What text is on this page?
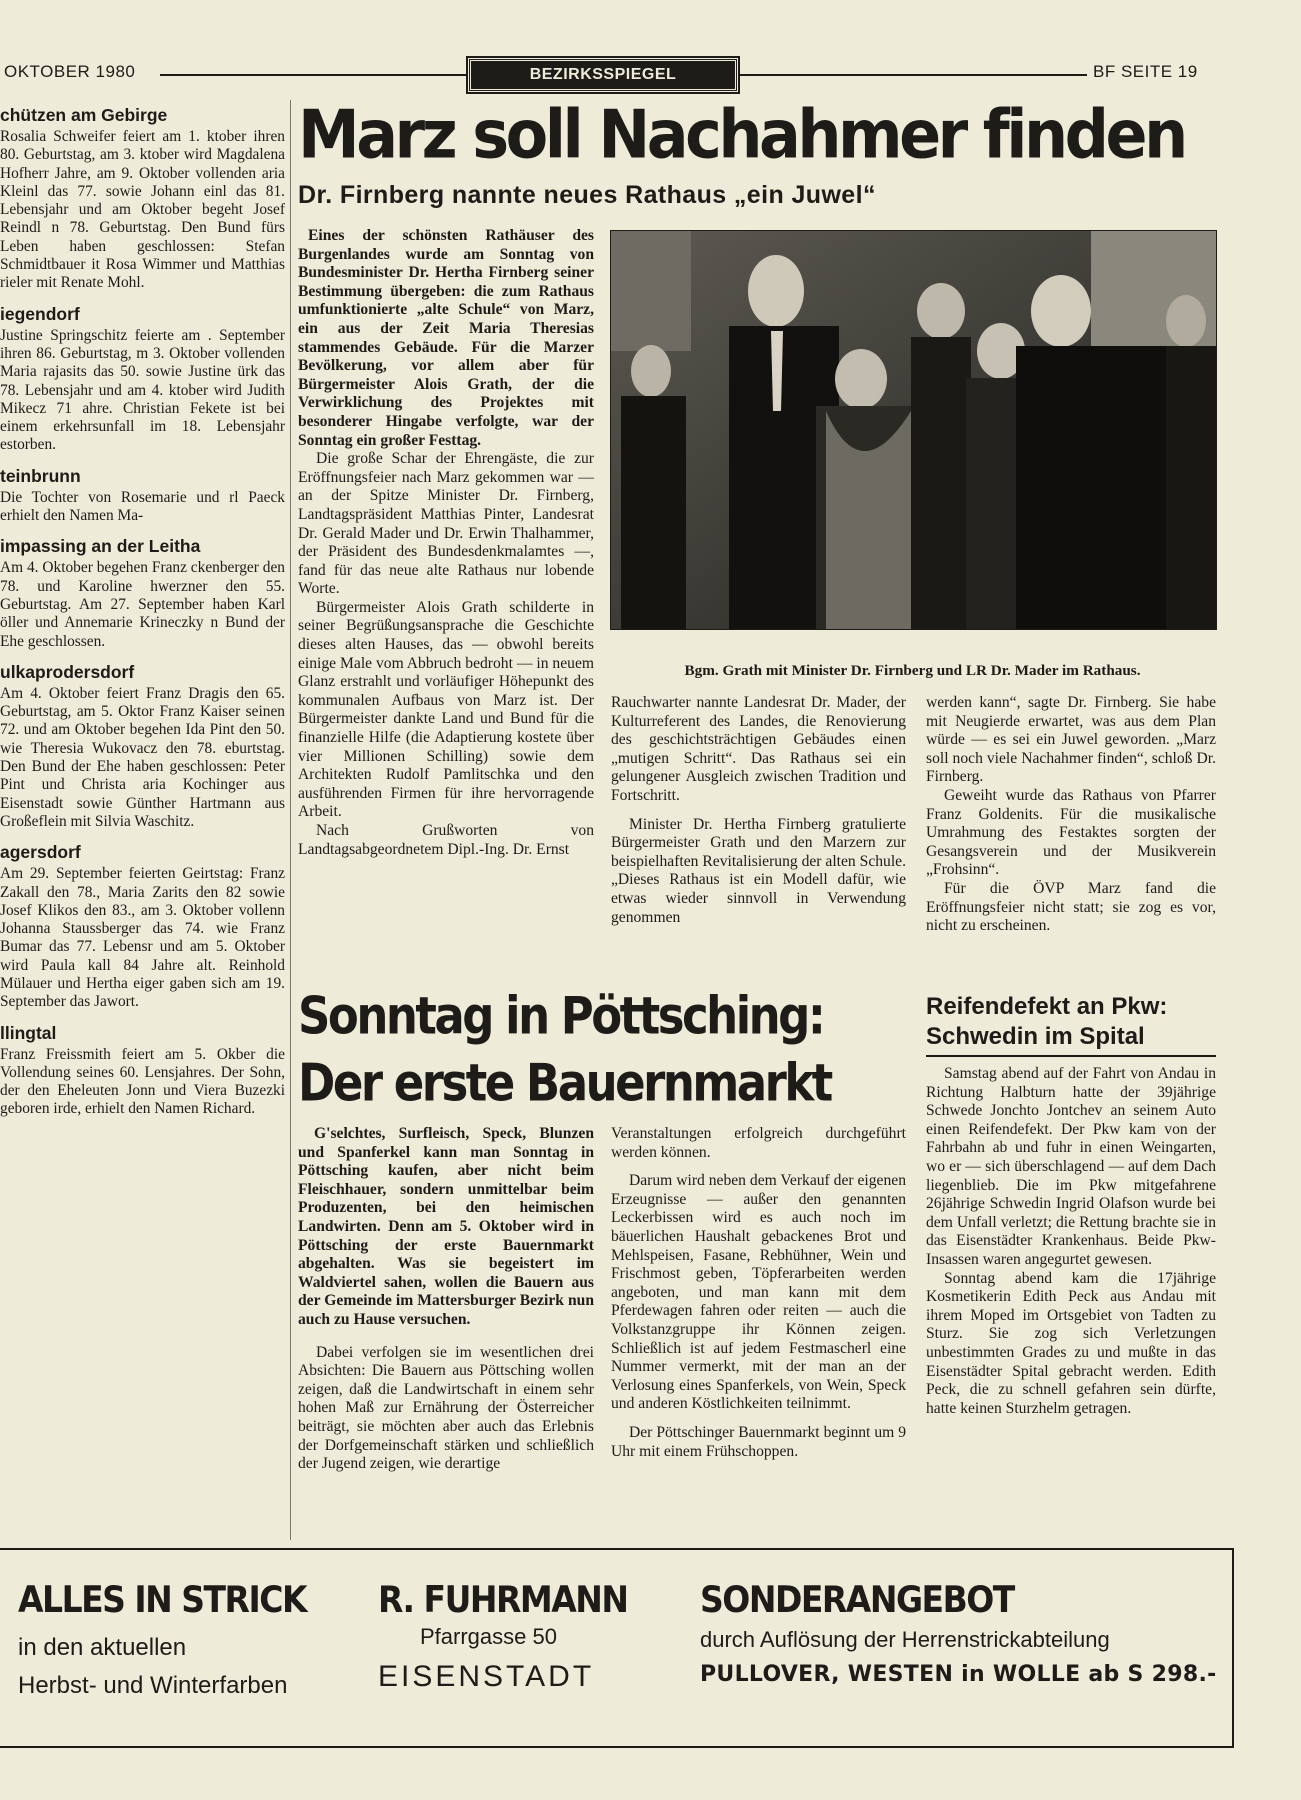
OKTOBER 1980	BEZIRKSSPIEGEL	BF SEITE 19
chützen am Gebirge
Rosalia Schweifer feiert am 1. ktober ihren 80. Geburtstag, am 3. ktober wird Magdalena Hofherr Jahre, am 9. Oktober vollenden aria Kleinl das 77. sowie Johann einl das 81. Lebensjahr und am Oktober begeht Josef Reindl n 78. Geburtstag. Den Bund fürs Leben haben geschlossen: Stefan Schmidtbauer it Rosa Wimmer und Matthias rieler mit Renate Mohl.
iegendorf
Justine Springschitz feierte am . September ihren 86. Geburtstag, m 3. Oktober vollenden Maria rajasits das 50. sowie Justine ürk das 78. Lebensjahr und am 4. ktober wird Judith Mikecz 71 ahre. Christian Fekete ist bei einem erkehrsunfall im 18. Lebensjahr estorben.
teinbrunn
Die Tochter von Rosemarie und rl Paeck erhielt den Namen Ma-
impassing an der Leitha
Am 4. Oktober begehen Franz ckenberger den 78. und Karoline hwerzner den 55. Geburtstag. Am 27. September haben Karl öller und Annemarie Krineczky n Bund der Ehe geschlossen.
ulkaprodersdorf
Am 4. Oktober feiert Franz Dragis den 65. Geburtstag, am 5. Oktor Franz Kaiser seinen 72. und am Oktober begehen Ida Pint den 50. wie Theresia Wukovacz den 78. eburtstag. Den Bund der Ehe haben geschlossen: Peter Pint und Christa aria Kochinger aus Eisenstadt sowie Günther Hartmann aus Großeflein mit Silvia Waschitz.
agersdorf
Am 29. September feierten Geirtstag: Franz Zakall den 78., Maria Zarits den 82 sowie Josef Klikos den 83., am 3. Oktober vollenn Johanna Staussberger das 74. wie Franz Bumar das 77. Lebensr und am 5. Oktober wird Paula kall 84 Jahre alt. Reinhold Mülauer und Hertha eiger gaben sich am 19. September das Jawort.
llingtal
Franz Freissmith feiert am 5. Okber die Vollendung seines 60. Lensjahres. Der Sohn, der den Eheleuten Jonn und Viera Buzezki geboren irde, erhielt den Namen Richard.
Marz soll Nachahmer finden
Dr. Firnberg nannte neues Rathaus „ein Juwel“

Eines der schönsten Rathäuser des Burgenlandes wurde am Sonntag von Bundesminister Dr. Hertha Firnberg seiner Bestimmung übergeben: die zum Rathaus umfunktionierte „alte Schule“ von Marz, ein aus der Zeit Maria Theresias stammendes Gebäude. Für die Marzer Bevölkerung, vor allem aber für Bürgermeister Alois Grath, der die Verwirklichung des Projektes mit besonderer Hingabe verfolgte, war der Sonntag ein großer Festtag.

Die große Schar der Ehrengäste, die zur Eröffnungsfeier nach Marz gekommen war — an der Spitze Minister Dr. Firnberg, Landtagspräsident Matthias Pinter, Landesrat Dr. Gerald Mader und Dr. Erwin Thalhammer, der Präsident des Bundesdenkmalamtes —, fand für das neue alte Rathaus nur lobende Worte.

Bürgermeister Alois Grath schilderte in seiner Begrüßungsansprache die Geschichte dieses alten Hauses, das — obwohl bereits einige Male vom Abbruch bedroht — in neuem Glanz erstrahlt und vorläufiger Höhepunkt des kommunalen Aufbaus von Marz ist. Der Bürgermeister dankte Land und Bund für die finanzielle Hilfe (die Adaptierung kostete über vier Millionen Schilling) sowie dem Architekten Rudolf Pamlitschka und den ausführenden Firmen für ihre hervorragende Arbeit.

Nach Grußworten von Landtagsabgeordnetem Dipl.-Ing. Dr. Ernst

Bgm. Grath mit Minister Dr. Firnberg und LR Dr. Mader im Rathaus.

Rauchwarter nannte Landesrat Dr. Mader, der Kulturreferent des Landes, die Renovierung des geschichtsträchtigen Gebäudes einen „mutigen Schritt“. Das Rathaus sei ein gelungener Ausgleich zwischen Tradition und Fortschritt.

Minister Dr. Hertha Firnberg gratulierte Bürgermeister Grath und den Marzern zur beispielhaften Revitalisierung der alten Schule. „Dieses Rathaus ist ein Modell dafür, wie etwas wieder sinnvoll in Verwendung genommen

werden kann“, sagte Dr. Firnberg. Sie habe mit Neugierde erwartet, was aus dem Plan würde — es sei ein Juwel geworden. „Marz soll noch viele Nachahmer finden“, schloß Dr. Firnberg.

Geweiht wurde das Rathaus von Pfarrer Franz Goldenits. Für die musikalische Umrahmung des Festaktes sorgten der Gesangsverein und der Musikverein „Frohsinn“.

Für die ÖVP Marz fand die Eröffnungsfeier nicht statt; sie zog es vor, nicht zu erscheinen.

Sonntag in Pöttsching:
Der erste Bauernmarkt

G'selchtes, Surfleisch, Speck, Blunzen und Spanferkel kann man Sonntag in Pöttsching kaufen, aber nicht beim Fleischhauer, sondern unmittelbar beim Produzenten, bei den heimischen Landwirten. Denn am 5. Oktober wird in Pöttsching der erste Bauernmarkt abgehalten. Was sie begeistert im Waldviertel sahen, wollen die Bauern aus der Gemeinde im Mattersburger Bezirk nun auch zu Hause versuchen.

Dabei verfolgen sie im wesentlichen drei Absichten: Die Bauern aus Pöttsching wollen zeigen, daß die Landwirtschaft in einem sehr hohen Maß zur Ernährung der Österreicher beiträgt, sie möchten aber auch das Erlebnis der Dorfgemeinschaft stärken und schließlich der Jugend zeigen, wie derartige

Veranstaltungen erfolgreich durchgeführt werden können.

Darum wird neben dem Verkauf der eigenen Erzeugnisse — außer den genannten Leckerbissen wird es auch noch im bäuerlichen Haushalt gebackenes Brot und Mehlspeisen, Fasane, Rebhühner, Wein und Frischmost geben, Töpferarbeiten werden angeboten, und man kann mit dem Pferdewagen fahren oder reiten — auch die Volkstanzgruppe ihr Können zeigen. Schließlich ist auf jedem Festmascherl eine Nummer vermerkt, mit der man an der Verlosung eines Spanferkels, von Wein, Speck und anderen Köstlichkeiten teilnimmt.

Der Pöttschinger Bauernmarkt beginnt um 9 Uhr mit einem Frühschoppen.

Reifendefekt an Pkw: Schwedin im Spital

Samstag abend auf der Fahrt von Andau in Richtung Halbturn hatte der 39jährige Schwede Jonchto Jontchev an seinem Auto einen Reifendefekt. Der Pkw kam von der Fahrbahn ab und fuhr in einen Weingarten, wo er — sich überschlagend — auf dem Dach liegenblieb. Die im Pkw mitgefahrene 26jährige Schwedin Ingrid Olafson wurde bei dem Unfall verletzt; die Rettung brachte sie in das Eisenstädter Krankenhaus. Beide Pkw-Insassen waren angegurtet gewesen.

Sonntag abend kam die 17jährige Kosmetikerin Edith Peck aus Andau mit ihrem Moped im Ortsgebiet von Tadten zu Sturz. Sie zog sich Verletzungen unbestimmten Grades zu und mußte in das Eisenstädter Spital gebracht werden. Edith Peck, die zu schnell gefahren sein dürfte, hatte keinen Sturzhelm getragen.

ALLES IN STRICK
in den aktuellen
Herbst- und Winterfarben
R. FUHRMANN
Pfarrgasse 50
EISENSTADT
SONDERANGEBOT
durch Auflösung der Herrenstrickabteilung
PULLOVER, WESTEN in WOLLE ab S 298.-
